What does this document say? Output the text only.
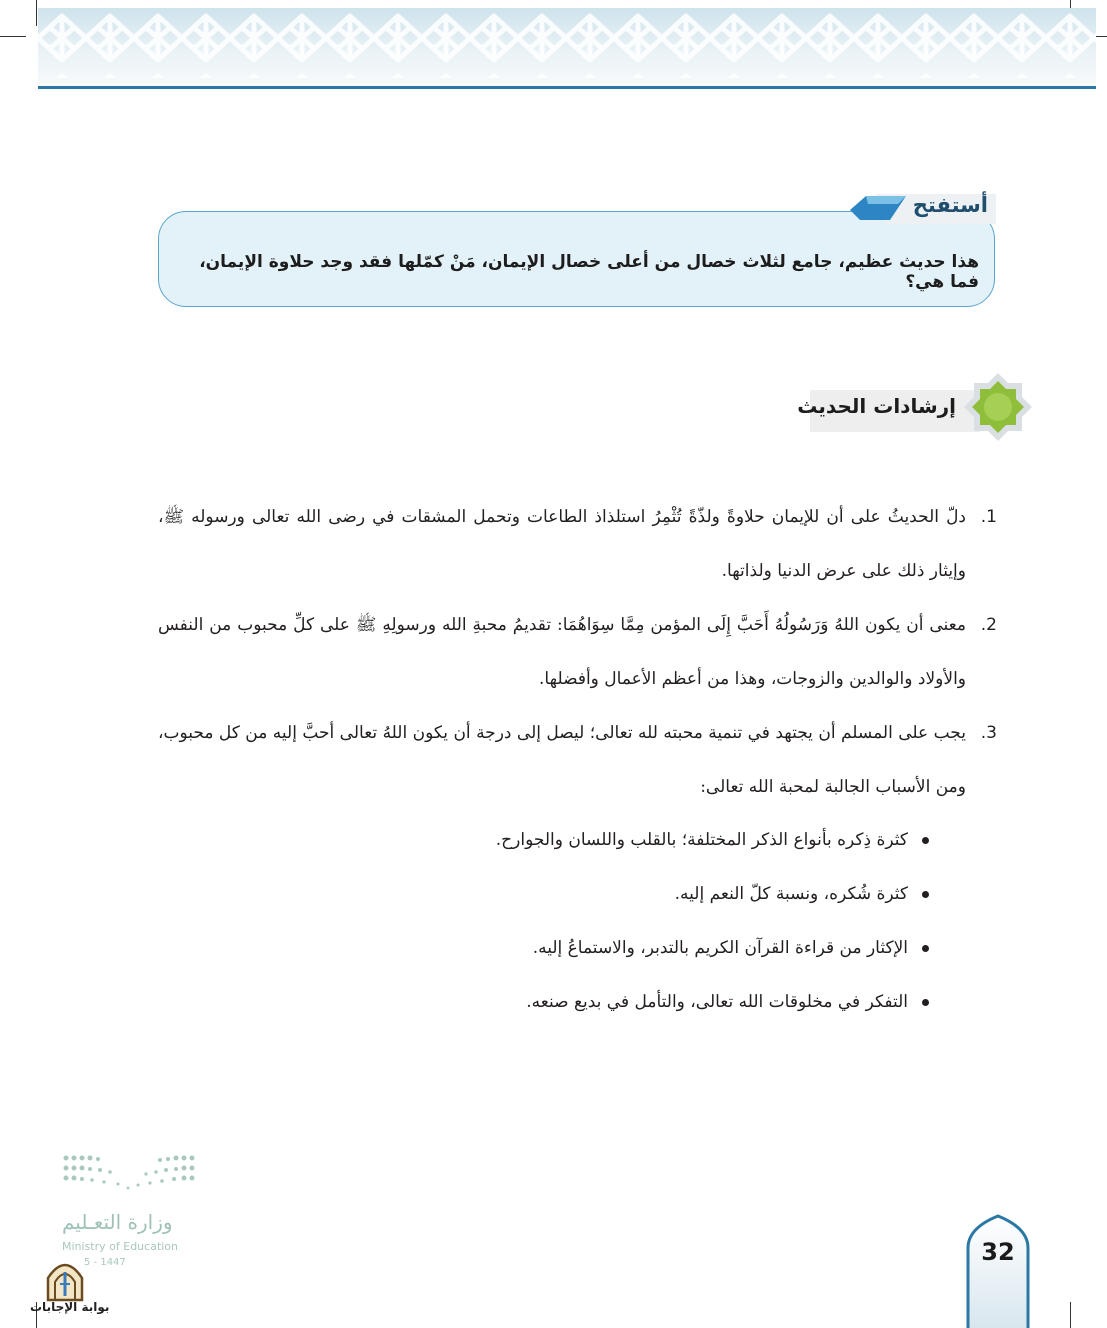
أستفتح
هذا حديث عظيم، جامع لثلاث خصال من أعلى خصال الإيمان، مَنْ كمّلها فقد وجد حلاوة الإيمان، فما هي؟
إرشادات الحديث
.1
دلّ الحديثُ على أن للإيمان حلاوةً ولذّةً تُثْمِرُ استلذاذ الطاعات وتحمل المشقات في رضى الله تعالى ورسوله ﷺ، وإيثار ذلك على عرض الدنيا ولذاتها.
.2
معنى أن يكون اللهُ وَرَسُولُهُ أَحَبَّ إِلَى المؤمن مِمَّا سِوَاهُمَا: تقديمُ محبةِ الله ورسولِهِ ﷺ على كلِّ محبوب من النفس والأولاد والوالدين والزوجات، وهذا من أعظم الأعمال وأفضلها.
.3
يجب على المسلم أن يجتهد في تنمية محبته لله تعالى؛ ليصل إلى درجة أن يكون اللهُ تعالى أحبَّ إليه من كل محبوب، ومن الأسباب الجالبة لمحبة الله تعالى:
كثرة ذِكره بأنواع الذكر المختلفة؛ بالقلب واللسان والجوارح.
كثرة شُكره، ونسبة كلّ النعم إليه.
الإكثار من قراءة القرآن الكريم بالتدبر، والاستماعُ إليه.
التفكر في مخلوقات الله تعالى، والتأمل في بديع صنعه.
وزارة التعـليم
Ministry of Education
5 - 1447
بوابة الإجابات
32
